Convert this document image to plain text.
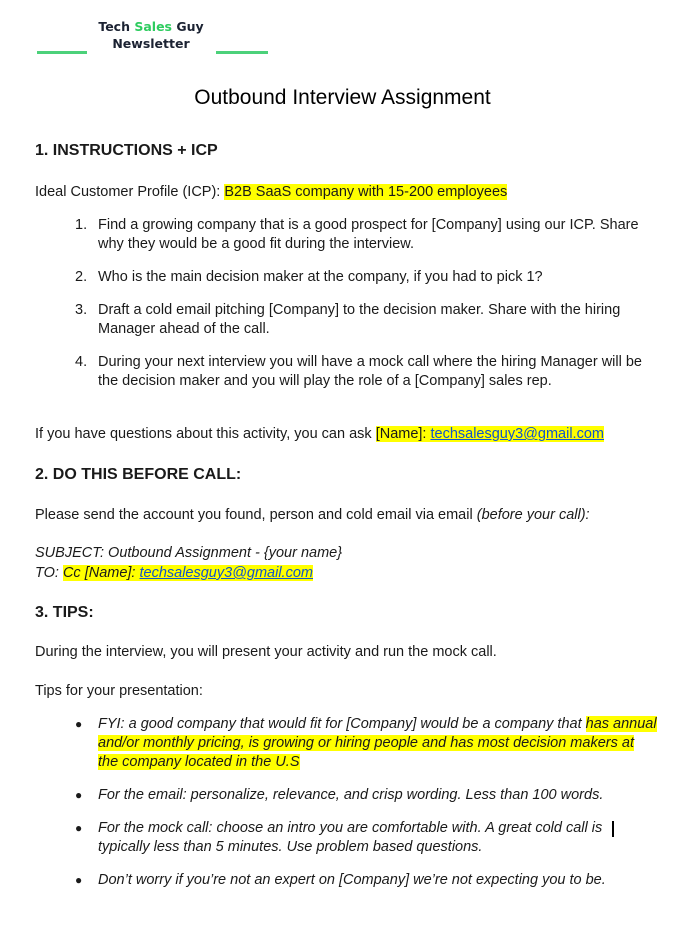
Tech Sales Guy
Newsletter
Outbound Interview Assignment
1. INSTRUCTIONS + ICP
Ideal Customer Profile (ICP): B2B SaaS company with 15-200 employees
1. Find a growing company that is a good prospect for [Company] using our ICP. Share why they would be a good fit during the interview.
2. Who is the main decision maker at the company, if you had to pick 1?
3. Draft a cold email pitching [Company] to the decision maker. Share with the hiring Manager ahead of the call.
4. During your next interview you will have a mock call where the hiring Manager will be the decision maker and you will play the role of a [Company] sales rep.
If you have questions about this activity, you can ask [Name]: techsalesguy3@gmail.com
2. DO THIS BEFORE CALL:
Please send the account you found, person and cold email via email (before your call):
SUBJECT: Outbound Assignment - {your name}
TO: Cc [Name]: techsalesguy3@gmail.com
3. TIPS:
During the interview, you will present your activity and run the mock call.
Tips for your presentation:
●	FYI: a good company that would fit for [Company] would be a company that has annual and/or monthly pricing, is growing or hiring people and has most decision makers at the company located in the U.S
●	For the email: personalize, relevance, and crisp wording. Less than 100 words.
●	For the mock call: choose an intro you are comfortable with. A great cold call is typically less than 5 minutes. Use problem based questions.
●	Don’t worry if you’re not an expert on [Company] we’re not expecting you to be.
